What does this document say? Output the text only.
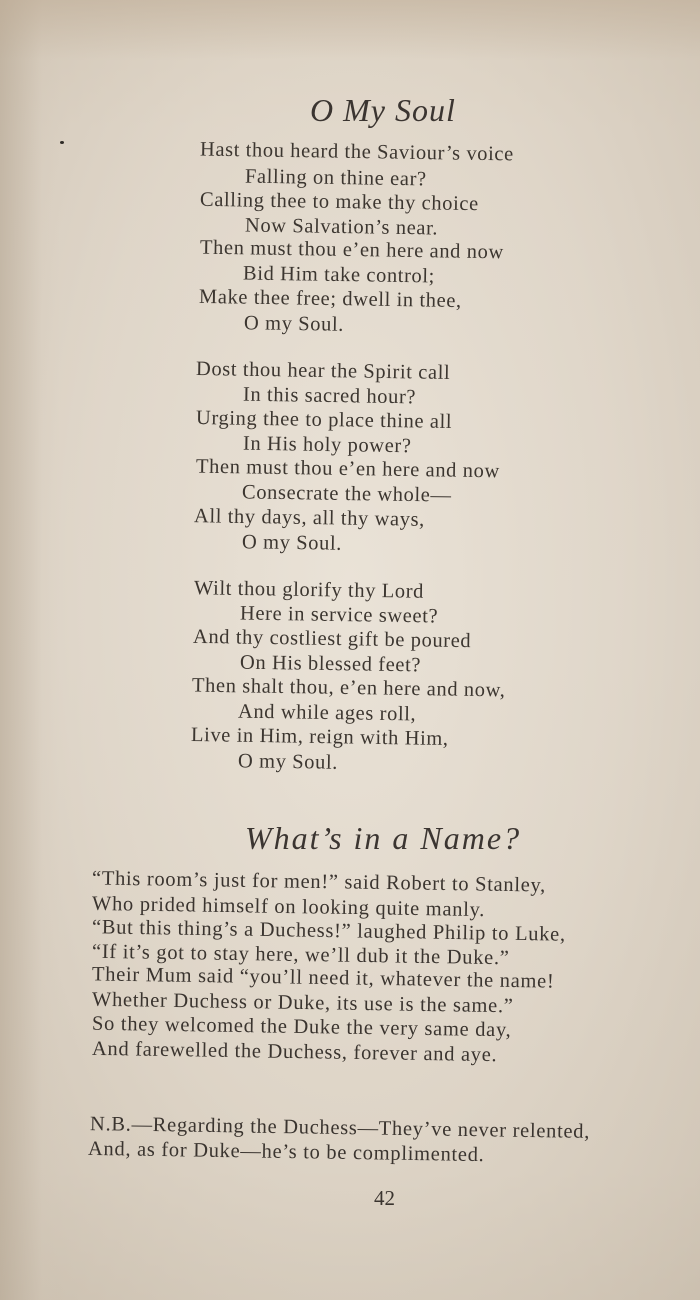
O My Soul
Hast thou heard the Saviour’s voice
Falling on thine ear?
Calling thee to make thy choice
Now Salvation’s near.
Then must thou e’en here and now
Bid Him take control;
Make thee free; dwell in thee,
O my Soul.
Dost thou hear the Spirit call
In this sacred hour?
Urging thee to place thine all
In His holy power?
Then must thou e’en here and now
Consecrate the whole—
All thy days, all thy ways,
O my Soul.
Wilt thou glorify thy Lord
Here in service sweet?
And thy costliest gift be poured
On His blessed feet?
Then shalt thou, e’en here and now,
And while ages roll,
Live in Him, reign with Him,
O my Soul.
What’s in a Name?
“This room’s just for men!” said Robert to Stanley,
Who prided himself on looking quite manly.
“But this thing’s a Duchess!” laughed Philip to Luke,
“If it’s got to stay here, we’ll dub it the Duke.”
Their Mum said “you’ll need it, whatever the name!
Whether Duchess or Duke, its use is the same.”
So they welcomed the Duke the very same day,
And farewelled the Duchess, forever and aye.
N.B.—Regarding the Duchess—They’ve never relented,
And, as for Duke—he’s to be complimented.
42
